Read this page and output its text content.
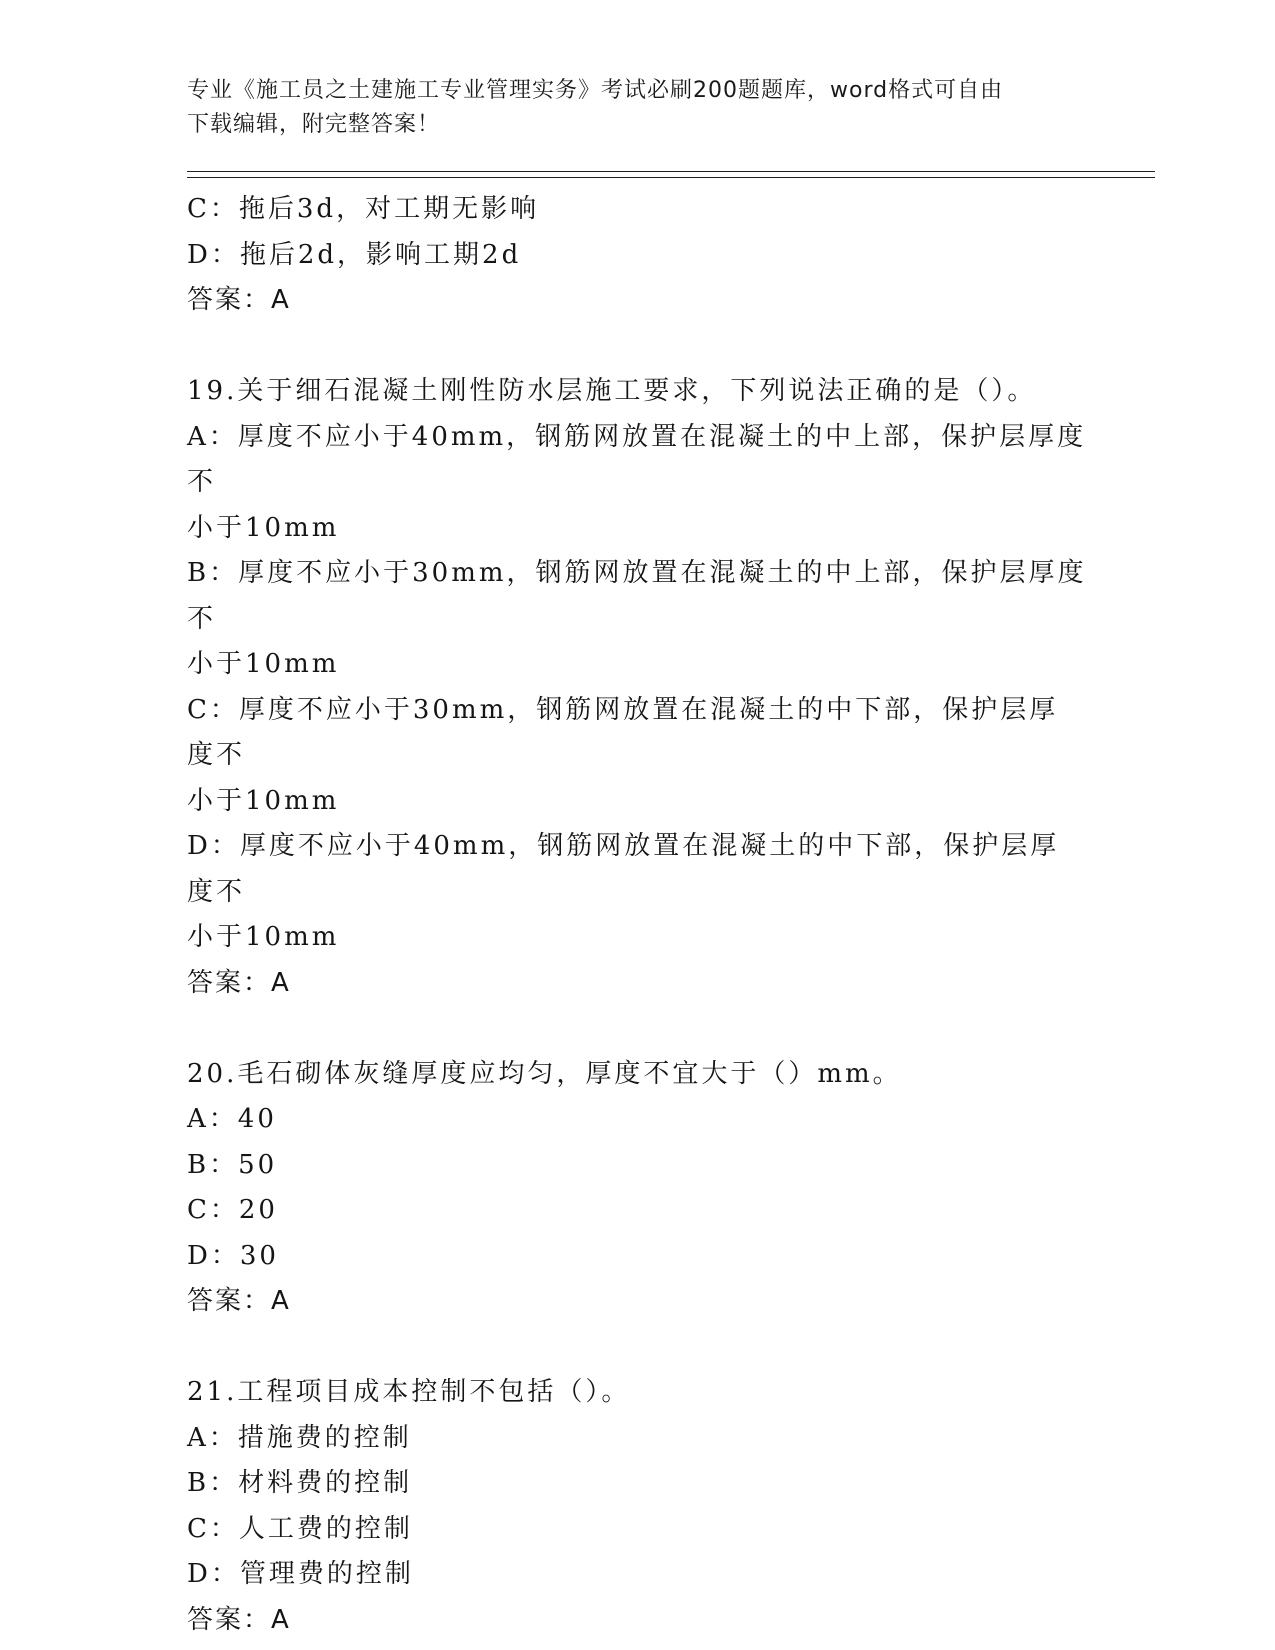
专业《施工员之土建施工专业管理实务》考试必刷200题题库，word格式可自由
下载编辑，附完整答案！
C：拖后3d，对工期无影响
D：拖后2d，影响工期2d
答案：A
19.关于细石混凝土刚性防水层施工要求，下列说法正确的是（）。
A：厚度不应小于40mm，钢筋网放置在混凝土的中上部，保护层厚度不
小于10mm
B：厚度不应小于30mm，钢筋网放置在混凝土的中上部，保护层厚度不
小于10mm
C：厚度不应小于30mm，钢筋网放置在混凝土的中下部，保护层厚度不
小于10mm
D：厚度不应小于40mm，钢筋网放置在混凝土的中下部，保护层厚度不
小于10mm
答案：A
20.毛石砌体灰缝厚度应均匀，厚度不宜大于（）mm。
A：40
B：50
C：20
D：30
答案：A
21.工程项目成本控制不包括（）。
A：措施费的控制
B：材料费的控制
C：人工费的控制
D：管理费的控制
答案：A
